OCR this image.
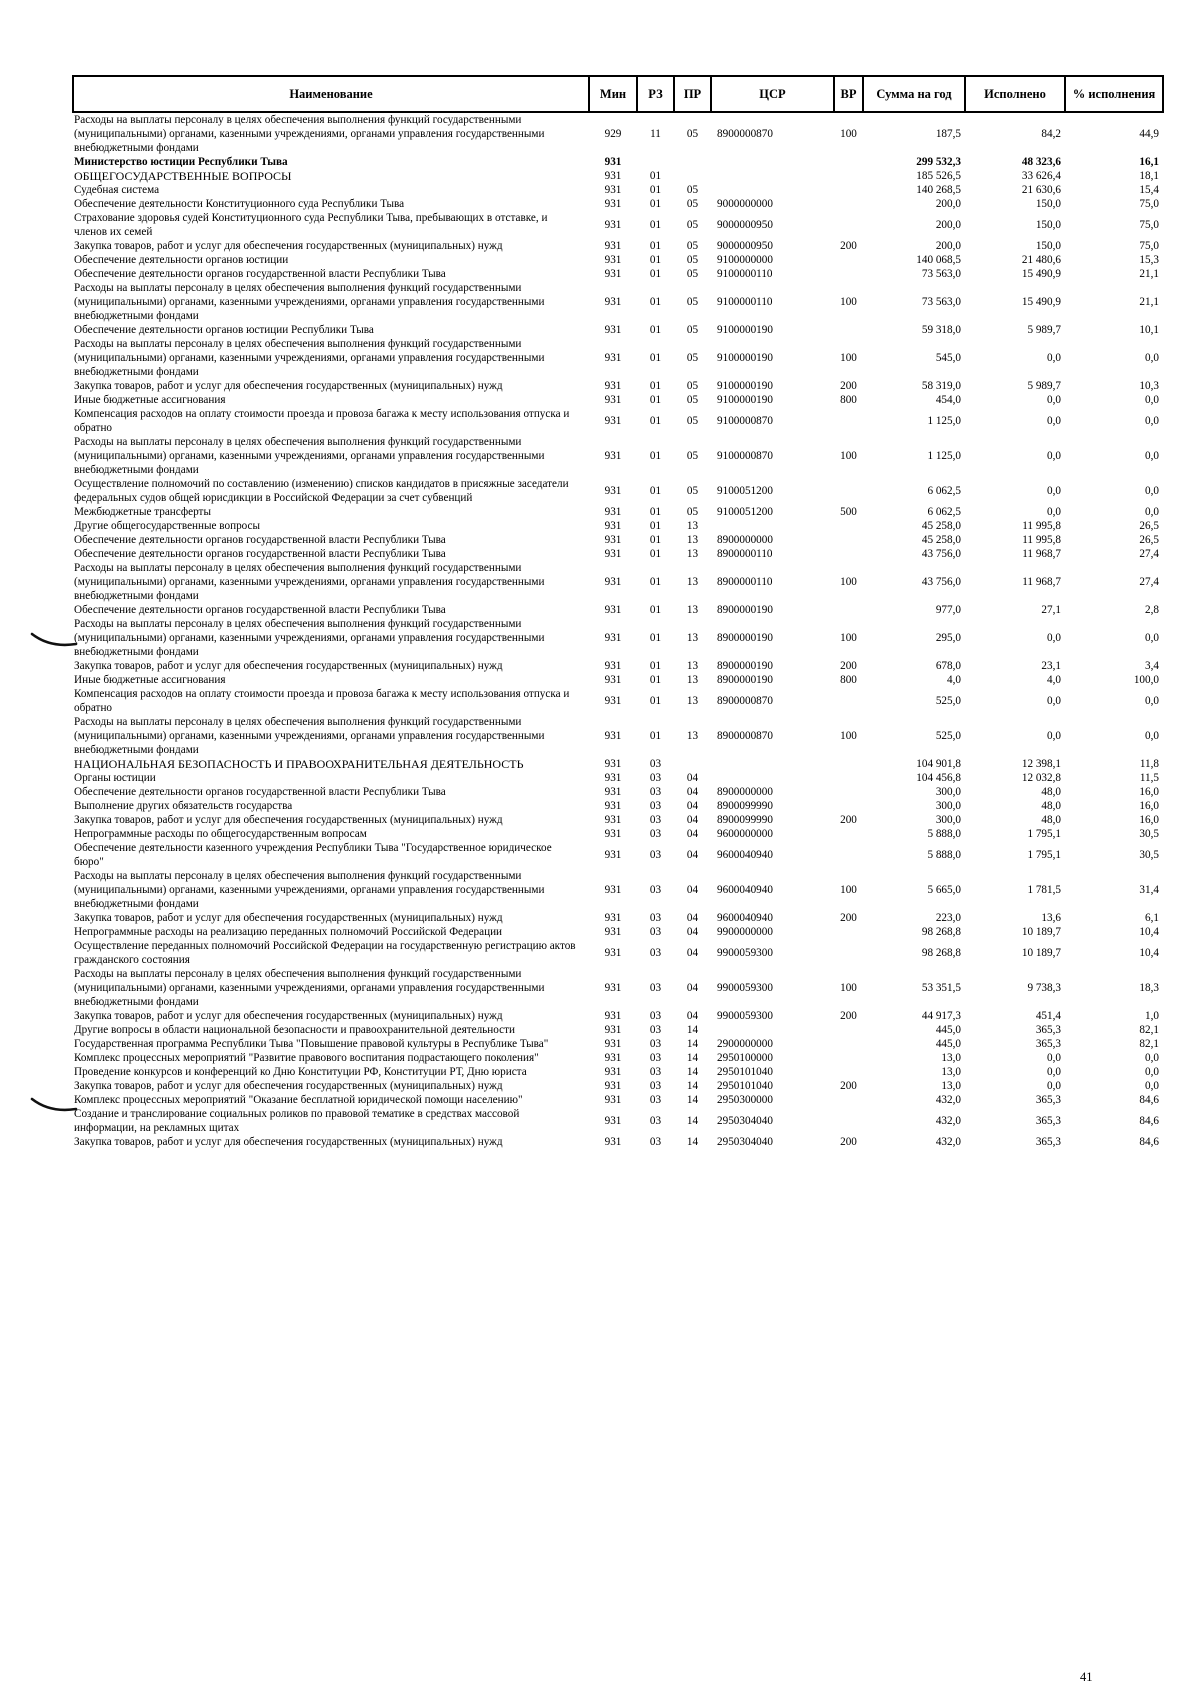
Наименование	Мин	РЗ	ПР	ЦСР	ВР	Сумма на год	Исполнено	% исполнения
Расходы на выплаты персоналу в целях обеспечения выполнения функций государственными (муниципальными) органами, казенными учреждениями, органами управления государственными внебюджетными фондами	929	11	05	8900000870	100	187,5	84,2	44,9
Министерство юстиции Республики Тыва	931					299 532,3	48 323,6	16,1
ОБЩЕГОСУДАРСТВЕННЫЕ ВОПРОСЫ	931	01				185 526,5	33 626,4	18,1
Судебная система	931	01	05			140 268,5	21 630,6	15,4
Обеспечение деятельности Конституционного суда Республики Тыва	931	01	05	9000000000		200,0	150,0	75,0
Страхование здоровья судей Конституционного суда Республики Тыва, пребывающих в отставке, и членов их семей	931	01	05	9000000950		200,0	150,0	75,0
Закупка товаров, работ и услуг для обеспечения государственных (муниципальных) нужд	931	01	05	9000000950	200	200,0	150,0	75,0
Обеспечение деятельности органов юстиции	931	01	05	9100000000		140 068,5	21 480,6	15,3
Обеспечение деятельности органов государственной власти Республики Тыва	931	01	05	9100000110		73 563,0	15 490,9	21,1
Расходы на выплаты персоналу в целях обеспечения выполнения функций государственными (муниципальными) органами, казенными учреждениями, органами управления государственными внебюджетными фондами	931	01	05	9100000110	100	73 563,0	15 490,9	21,1
Обеспечение деятельности органов юстиции Республики Тыва	931	01	05	9100000190		59 318,0	5 989,7	10,1
Расходы на выплаты персоналу в целях обеспечения выполнения функций государственными (муниципальными) органами, казенными учреждениями, органами управления государственными внебюджетными фондами	931	01	05	9100000190	100	545,0	0,0	0,0
Закупка товаров, работ и услуг для обеспечения государственных (муниципальных) нужд	931	01	05	9100000190	200	58 319,0	5 989,7	10,3
Иные бюджетные ассигнования	931	01	05	9100000190	800	454,0	0,0	0,0
Компенсация расходов на оплату стоимости проезда и провоза багажа к месту использования отпуска и обратно	931	01	05	9100000870		1 125,0	0,0	0,0
Расходы на выплаты персоналу в целях обеспечения выполнения функций государственными (муниципальными) органами, казенными учреждениями, органами управления государственными внебюджетными фондами	931	01	05	9100000870	100	1 125,0	0,0	0,0
Осуществление полномочий по составлению (изменению) списков кандидатов в присяжные заседатели федеральных судов общей юрисдикции в Российской Федерации за счет субвенций	931	01	05	9100051200		6 062,5	0,0	0,0
Межбюджетные трансферты	931	01	05	9100051200	500	6 062,5	0,0	0,0
Другие общегосударственные вопросы	931	01	13			45 258,0	11 995,8	26,5
Обеспечение деятельности органов государственной власти Республики Тыва	931	01	13	8900000000		45 258,0	11 995,8	26,5
Обеспечение деятельности органов государственной власти Республики Тыва	931	01	13	8900000110		43 756,0	11 968,7	27,4
Расходы на выплаты персоналу в целях обеспечения выполнения функций государственными (муниципальными) органами, казенными учреждениями, органами управления государственными внебюджетными фондами	931	01	13	8900000110	100	43 756,0	11 968,7	27,4
Обеспечение деятельности органов государственной власти Республики Тыва	931	01	13	8900000190		977,0	27,1	2,8
Расходы на выплаты персоналу в целях обеспечения выполнения функций государственными (муниципальными) органами, казенными учреждениями, органами управления государственными внебюджетными фондами	931	01	13	8900000190	100	295,0	0,0	0,0
Закупка товаров, работ и услуг для обеспечения государственных (муниципальных) нужд	931	01	13	8900000190	200	678,0	23,1	3,4
Иные бюджетные ассигнования	931	01	13	8900000190	800	4,0	4,0	100,0
Компенсация расходов на оплату стоимости проезда и провоза багажа к месту использования отпуска и обратно	931	01	13	8900000870		525,0	0,0	0,0
Расходы на выплаты персоналу в целях обеспечения выполнения функций государственными (муниципальными) органами, казенными учреждениями, органами управления государственными внебюджетными фондами	931	01	13	8900000870	100	525,0	0,0	0,0
НАЦИОНАЛЬНАЯ БЕЗОПАСНОСТЬ И ПРАВООХРАНИТЕЛЬНАЯ ДЕЯТЕЛЬНОСТЬ	931	03				104 901,8	12 398,1	11,8
Органы юстиции	931	03	04			104 456,8	12 032,8	11,5
Обеспечение деятельности органов государственной власти Республики Тыва	931	03	04	8900000000		300,0	48,0	16,0
Выполнение других обязательств государства	931	03	04	8900099990		300,0	48,0	16,0
Закупка товаров, работ и услуг для обеспечения государственных (муниципальных) нужд	931	03	04	8900099990	200	300,0	48,0	16,0
Непрограммные расходы по общегосударственным вопросам	931	03	04	9600000000		5 888,0	1 795,1	30,5
Обеспечение деятельности казенного учреждения Республики Тыва "Государственное юридическое бюро"	931	03	04	9600040940		5 888,0	1 795,1	30,5
Расходы на выплаты персоналу в целях обеспечения выполнения функций государственными (муниципальными) органами, казенными учреждениями, органами управления государственными внебюджетными фондами	931	03	04	9600040940	100	5 665,0	1 781,5	31,4
Закупка товаров, работ и услуг для обеспечения государственных (муниципальных) нужд	931	03	04	9600040940	200	223,0	13,6	6,1
Непрограммные расходы на реализацию переданных полномочий Российской Федерации	931	03	04	9900000000		98 268,8	10 189,7	10,4
Осуществление переданных полномочий Российской Федерации на государственную регистрацию актов гражданского состояния	931	03	04	9900059300		98 268,8	10 189,7	10,4
Расходы на выплаты персоналу в целях обеспечения выполнения функций государственными (муниципальными) органами, казенными учреждениями, органами управления государственными внебюджетными фондами	931	03	04	9900059300	100	53 351,5	9 738,3	18,3
Закупка товаров, работ и услуг для обеспечения государственных (муниципальных) нужд	931	03	04	9900059300	200	44 917,3	451,4	1,0
Другие вопросы в области национальной безопасности и правоохранительной деятельности	931	03	14			445,0	365,3	82,1
Государственная программа Республики Тыва "Повышение правовой культуры в Республике Тыва"	931	03	14	2900000000		445,0	365,3	82,1
Комплекс процессных мероприятий "Развитие правового воспитания подрастающего поколения"	931	03	14	2950100000		13,0	0,0	0,0
Проведение конкурсов и конференций ко Дню Конституции РФ, Конституции РТ, Дню юриста	931	03	14	2950101040		13,0	0,0	0,0
Закупка товаров, работ и услуг для обеспечения государственных (муниципальных) нужд	931	03	14	2950101040	200	13,0	0,0	0,0
Комплекс процессных мероприятий "Оказание бесплатной юридической помощи населению"	931	03	14	2950300000		432,0	365,3	84,6
Создание и транслирование социальных роликов по правовой тематике в средствах массовой информации, на рекламных щитах	931	03	14	2950304040		432,0	365,3	84,6
Закупка товаров, работ и услуг для обеспечения государственных (муниципальных) нужд	931	03	14	2950304040	200	432,0	365,3	84,6
41
